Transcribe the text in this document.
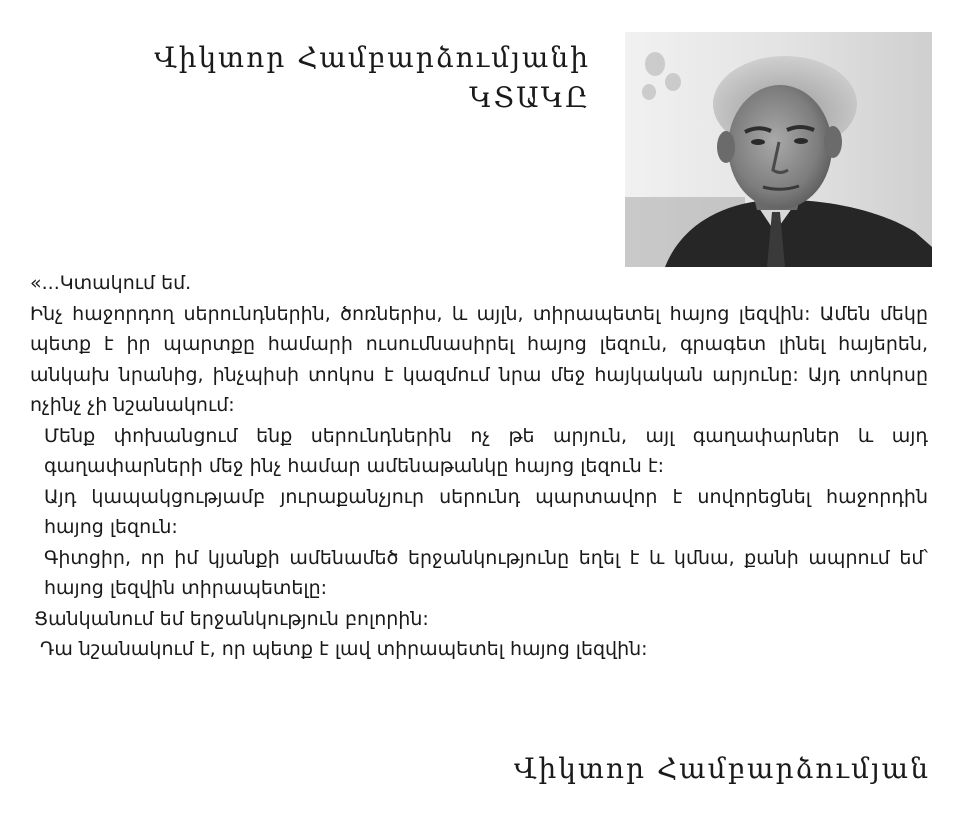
Վիկտոր Համբարձումյանի
ԿՏԱԿԸ

«...Կտակում եմ.

Ինչ հաջորդող սերունդներին, ծոռներիս, և այլն, տիրապետել հայոց լեզվին: Ամեն մեկը պետք է իր պարտքը համարի ուսումնասիրել հայոց լեզուն, գրագետ լինել հայերեն, անկախ նրանից, ինչպիսի տոկոս է կազմում նրա մեջ հայկական արյունը: Այդ տոկոսը ոչինչ չի նշանակում:

Մենք փոխանցում ենք սերունդներին ոչ թե արյուն, այլ գաղափարներ և այդ գաղափարների մեջ ինչ համար ամենաթանկը հայոց լեզուն է:

Այդ կապակցությամբ յուրաքանչյուր սերունդ պարտավոր է սովորեցնել հաջորդին հայոց լեզուն:

Գիտցիր, որ իմ կյանքի ամենամեծ երջանկությունը եղել է և կմնա, քանի ապրում եմ՝ հայոց լեզվին տիրապետելը:

Ցանկանում եմ երջանկություն բոլորին:

Դա նշանակում է, որ պետք է լավ տիրապետել հայոց լեզվին:

Վիկտոր Համբարձումյան
